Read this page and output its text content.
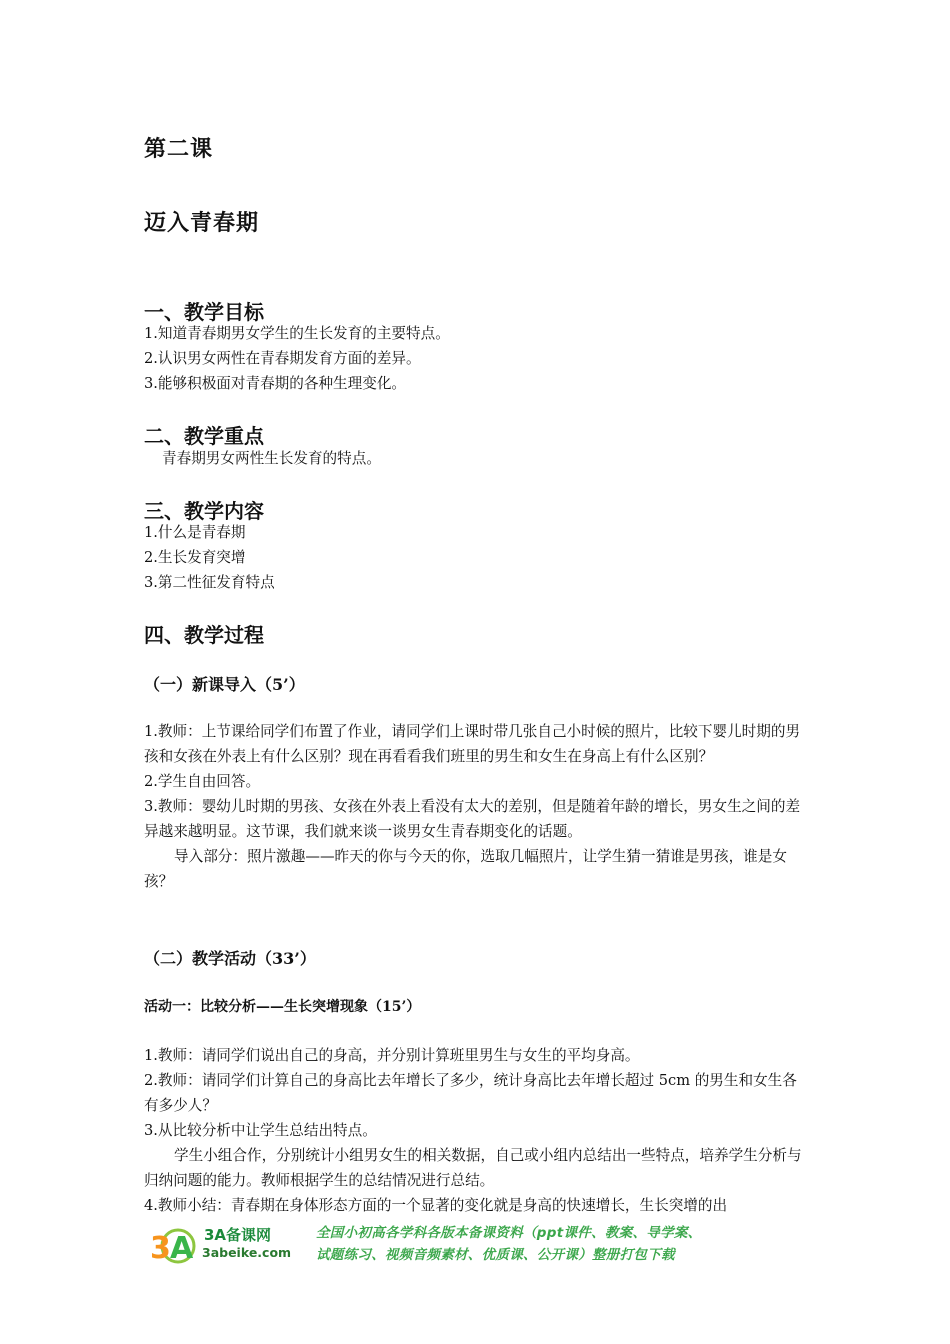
第二课
迈入青春期
一、教学目标

1.知道青春期男女学生的生长发育的主要特点。

2.认识男女两性在青春期发育方面的差异。

3.能够积极面对青春期的各种生理变化。

二、教学重点

青春期男女两性生长发育的特点。

三、教学内容

1.什么是青春期

2.生长发育突增

3.第二性征发育特点

四、教学过程
（一）新课导入（5’）

1.教师：上节课给同学们布置了作业，请同学们上课时带几张自己小时候的照片，比较下婴儿时期的男孩和女孩在外表上有什么区别？现在再看看我们班里的男生和女生在身高上有什么区别？

2.学生自由回答。

3.教师：婴幼儿时期的男孩、女孩在外表上看没有太大的差别，但是随着年龄的增长，男女生之间的差异越来越明显。这节课，我们就来谈一谈男女生青春期变化的话题。

导入部分：照片激趣——昨天的你与今天的你，选取几幅照片，让学生猜一猜谁是男孩，谁是女孩？

（二）教学活动（33’）
活动一：比较分析——生长突增现象（15’）

1.教师：请同学们说出自己的身高，并分别计算班里男生与女生的平均身高。

2.教师：请同学们计算自己的身高比去年增长了多少，统计身高比去年增长超过 5cm 的男生和女生各有多少人？

3.从比较分析中让学生总结出特点。

学生小组合作，分别统计小组男女生的相关数据，自己或小组内总结出一些特点，培养学生分析与归纳问题的能力。教师根据学生的总结情况进行总结。

4.教师小结：青春期在身体形态方面的一个显著的变化就是身高的快速增长，生长突增的出

3 A 3A备课网
3abeike.com
全国小初高各学科各版本备课资料（ppt课件、教案、导学案、
试题练习、视频音频素材、优质课、公开课）整册打包下载
